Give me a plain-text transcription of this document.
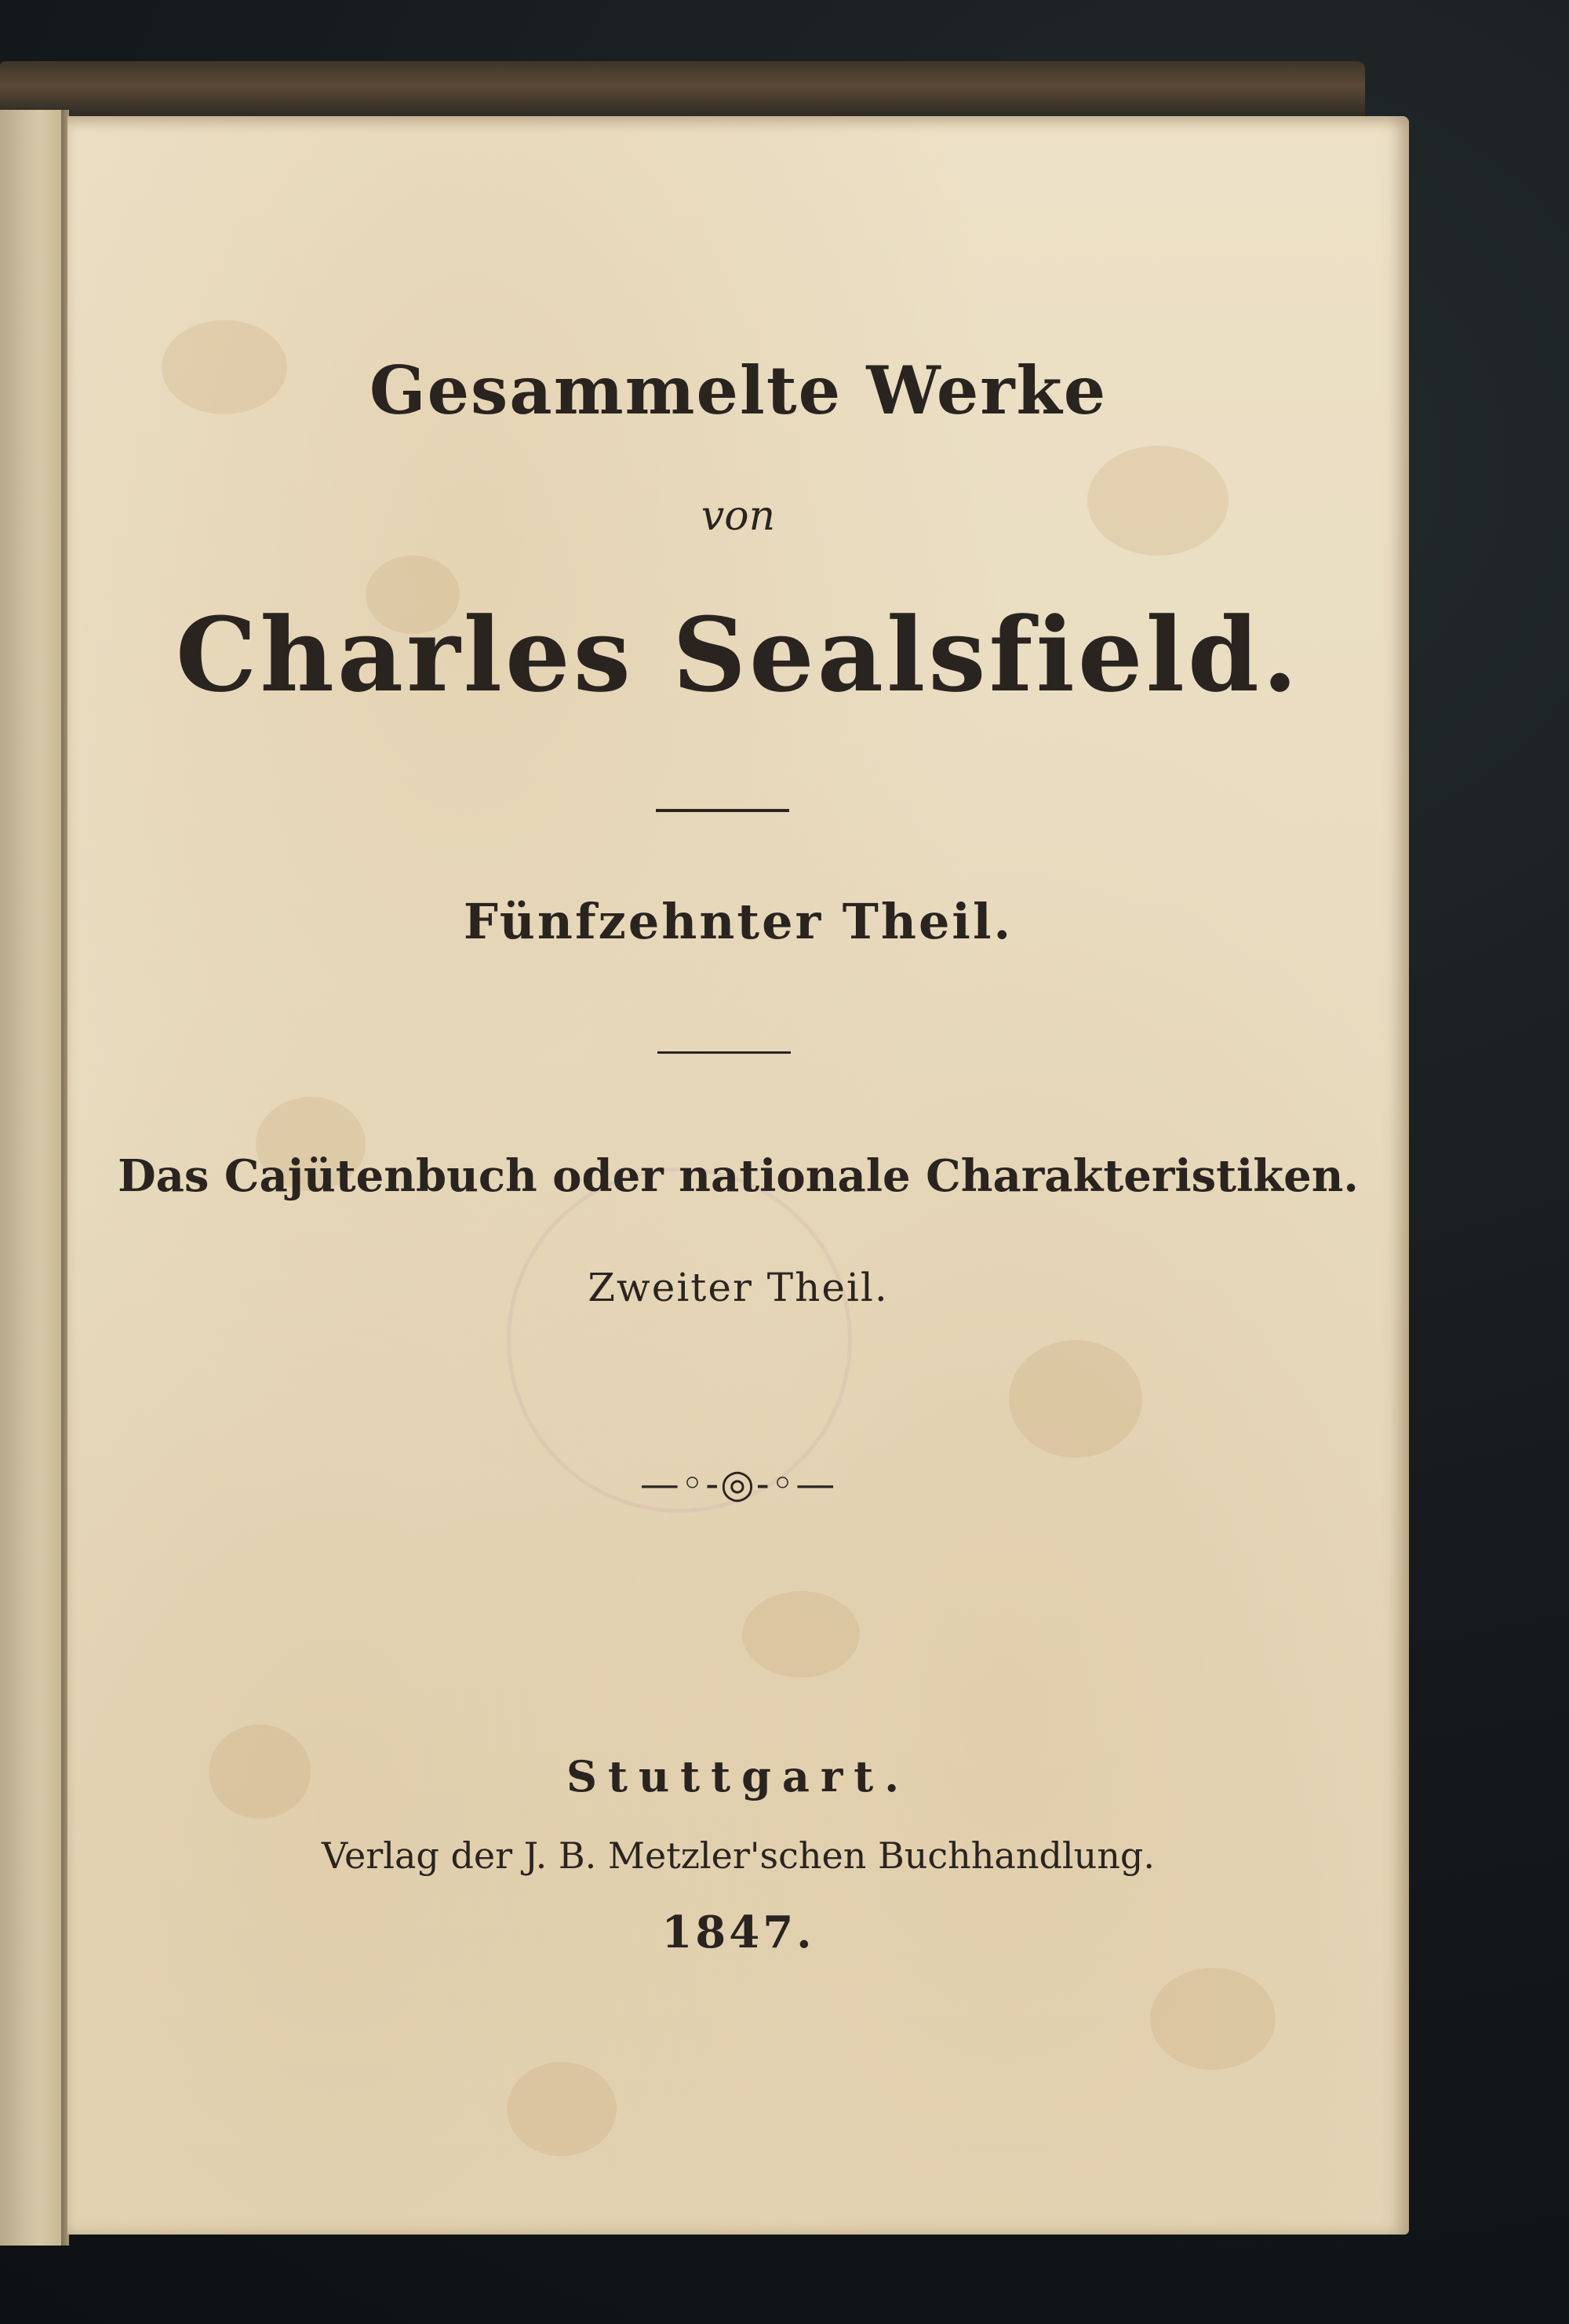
Gesammelte Werke

von

Charles Sealsfield.

Fünfzehnter Theil.

Das Cajütenbuch oder nationale Charakteristiken.

Zweiter Theil.

—◦-◎-◦—

Stuttgart.

Verlag der J. B. Metzler'schen Buchhandlung.

1847.
